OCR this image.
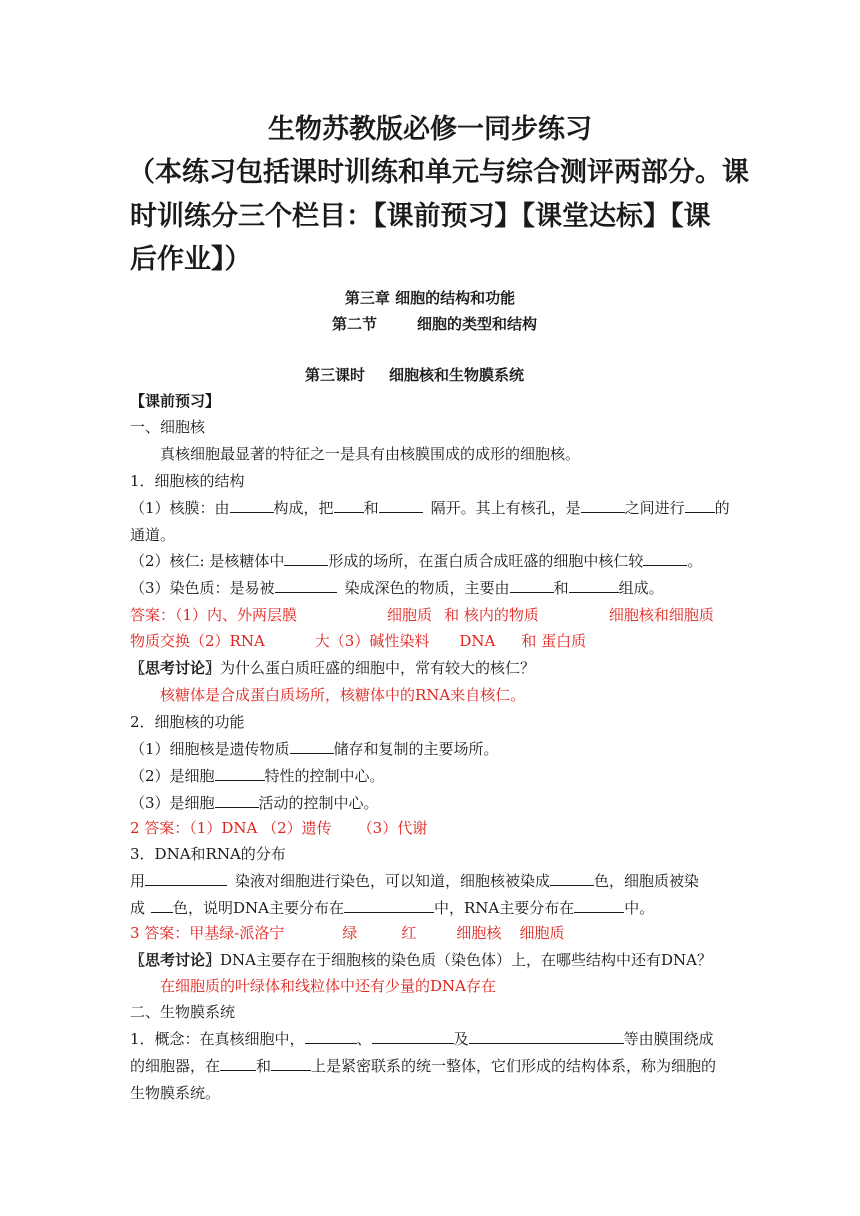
生物苏教版必修一同步练习
（本练习包括课时训练和单元与综合测评两部分。课
时训练分三个栏目：【课前预习】【课堂达标】【课
后作业】）
第三章 细胞的结构和功能
第二节	细胞的类型和结构
第三课时 细胞核和生物膜系统
【课前预习】
一、细胞核
真核细胞最显著的特征之一是具有由核膜围成的成形的细胞核。
1．细胞核的结构
（1）核膜：由	构成，把 和	隔开。其上有核孔，是	之间进行 的
通道。
（2）核仁: 是核糖体中	形成的场所，在蛋白质合成旺盛的细胞中核仁较	。
（3）染色质：是易被	染成深色的物质，主要由	和	组成。
答案：（1）内、外两层膜	细胞质 和 核内的物质	细胞核和细胞质
物质交换（2）RNA	大（3）碱性染料 DNA 和 蛋白质
〖思考讨论〗为什么蛋白质旺盛的细胞中，常有较大的核仁？
核糖体是合成蛋白质场所，核糖体中的RNA来自核仁。
2．细胞核的功能
（1）细胞核是遗传物质	储存和复制的主要场所。
（2）是细胞	特性的控制中心。
（3）是细胞	活动的控制中心。
2 答案：（1）DNA （2）遗传 （3）代谢
3．DNA和RNA的分布
用	染液对细胞进行染色，可以知道，细胞核被染成	色，细胞质被染
成 色，说明DNA主要分布在	中，RNA主要分布在	中。
3 答案：甲基绿-派洛宁	绿	红	细胞核 细胞质
〖思考讨论〗DNA主要存在于细胞核的染色质（染色体）上，在哪些结构中还有DNA？
在细胞质的叶绿体和线粒体中还有少量的DNA存在
二、生物膜系统
1．概念：在真核细胞中，	、	及	等由膜围绕成
的细胞器，在 和	上是紧密联系的统一整体，它们形成的结构体系，称为细胞的
生物膜系统。
